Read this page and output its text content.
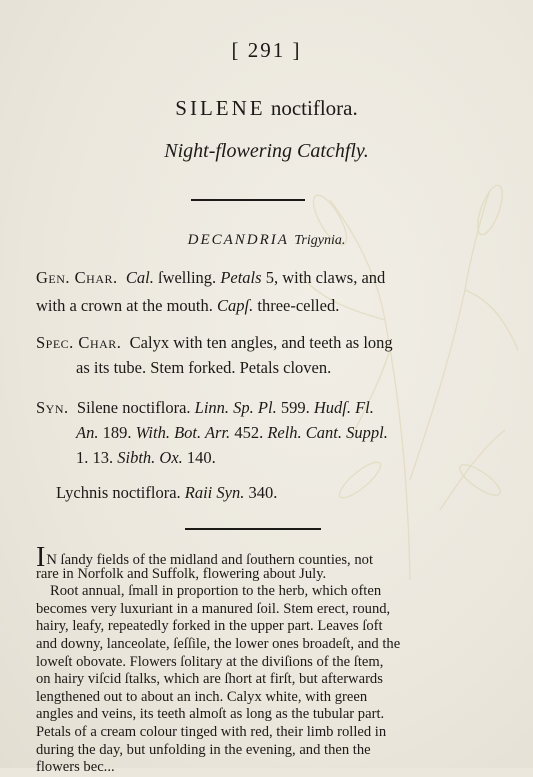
[ 291 ]
SILENE noctiflora.
Night-flowering Catchfly.
DECANDRIA Trigynia.
Gen. Char. Cal. ſwelling. Petals 5, with claws, and
with a crown at the mouth. Capſ. three-celled.
Spec. Char. Calyx with ten angles, and teeth as long
as its tube. Stem forked. Petals cloven.
Syn. Silene noctiflora. Linn. Sp. Pl. 599. Hudſ. Fl.
An. 189. With. Bot. Arr. 452. Relh. Cant. Suppl.
1. 13. Sibth. Ox. 140.
Lychnis noctiflora. Raii Syn. 340.
IN ſandy fields of the midland and ſouthern counties, not
rare in Norfolk and Suffolk, flowering about July.
Root annual, ſmall in proportion to the herb, which often
becomes very luxuriant in a manured ſoil. Stem erect, round,
hairy, leafy, repeatedly forked in the upper part. Leaves ſoft
and downy, lanceolate, ſeſſile, the lower ones broadeſt, and the
loweſt obovate. Flowers ſolitary at the diviſions of the ſtem,
on hairy viſcid ſtalks, which are ſhort at firſt, but afterwards
lengthened out to about an inch. Calyx white, with green
angles and veins, its teeth almoſt as long as the tubular part.
Petals of a cream colour tinged with red, their limb rolled in
during the day, but unfolding in the evening, and then the
flowers bec...
